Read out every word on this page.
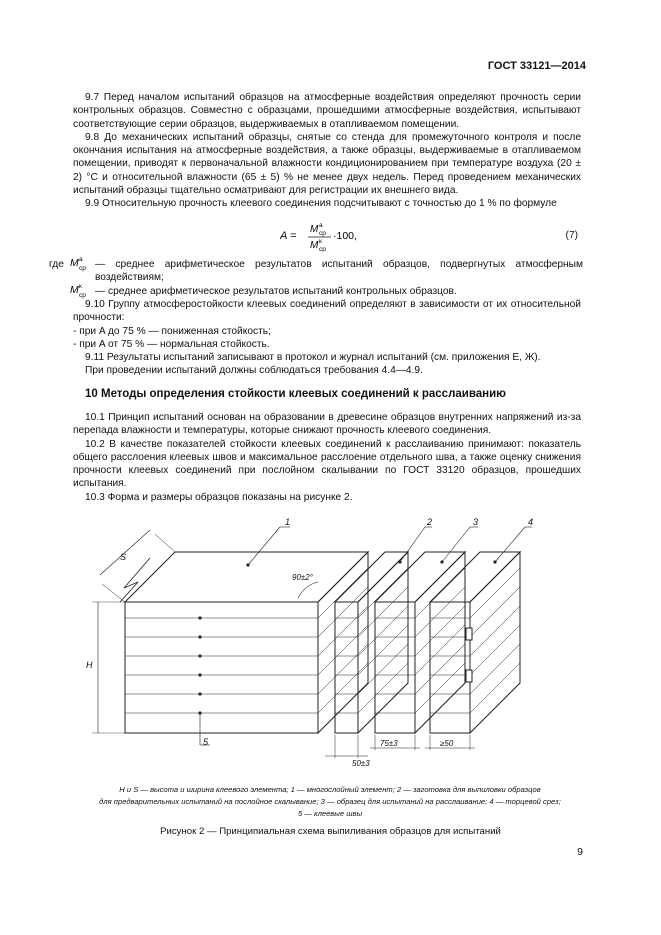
ГОСТ 33121—2014

9.7 Перед началом испытаний образцов на атмосферные воздействия определяют прочность серии контрольных образцов. Совместно с образцами, прошедшими атмосферные воздействия, испытывают соответствующие серии образцов, выдерживаемых в отапливаемом помещении.

9.8 До механических испытаний образцы, снятые со стенда для промежуточного контроля и после окончания испытания на атмосферные воздействия, а также образцы, выдерживаемые в отапливаемом помещении, приводят к первоначальной влажности кондиционированием при температуре воздуха (20 ± 2) °C и относительной влажности (65 ± 5) % не менее двух недель. Перед проведением механических испытаний образцы тщательно осматривают для регистрации их внешнего вида.

9.9 Относительную прочность клеевого соединения подсчитывают с точностью до 1 % по формуле

A =
M а
ср
M к
ср
·100,	(7)
где M а
ср — среднее арифметическое результатов испытаний образцов, подвергнутых атмосферным воздействиям;
M к
ср — среднее арифметическое результатов испытаний контрольных образцов.

9.10 Группу атмосферостойкости клеевых соединений определяют в зависимости от их относительной прочности:

- при A до 75 % — пониженная стойкость;

- при A от 75 % — нормальная стойкость.

9.11 Результаты испытаний записывают в протокол и журнал испытаний (см. приложения Е, Ж).

При проведении испытаний должны соблюдаться требования 4.4—4.9.

10 Методы определения стойкости клеевых соединений к расслаиванию

10.1 Принцип испытаний основан на образовании в древесине образцов внутренних напряжений из-за перепада влажности и температуры, которые снижают прочность клеевого соединения.

10.2 В качестве показателей стойкости клеевых соединений к расслаиванию принимают: показатель общего расслоения клеевых швов и максимальное расслоение отдельного шва, а также оценку снижения прочности клеевых соединений при послойном скалывании по ГОСТ 33120 образцов, прошедших испытания.

10.3 Форма и размеры образцов показаны на рисунке 2.

1	2	3	4
5
S
H
90±2°
75±3	≥50
50±3
H и S — высота и ширина клеевого элемента; 1 — многослойный элемент; 2 — заготовка для выпиловки образцов
для предварительных испытаний на послойное скалывание; 3 — образец для испытаний на расслаивание; 4 — торцевой срез;
5 — клеевые швы
Рисунок 2 — Принципиальная схема выпиливания образцов для испытаний
9
